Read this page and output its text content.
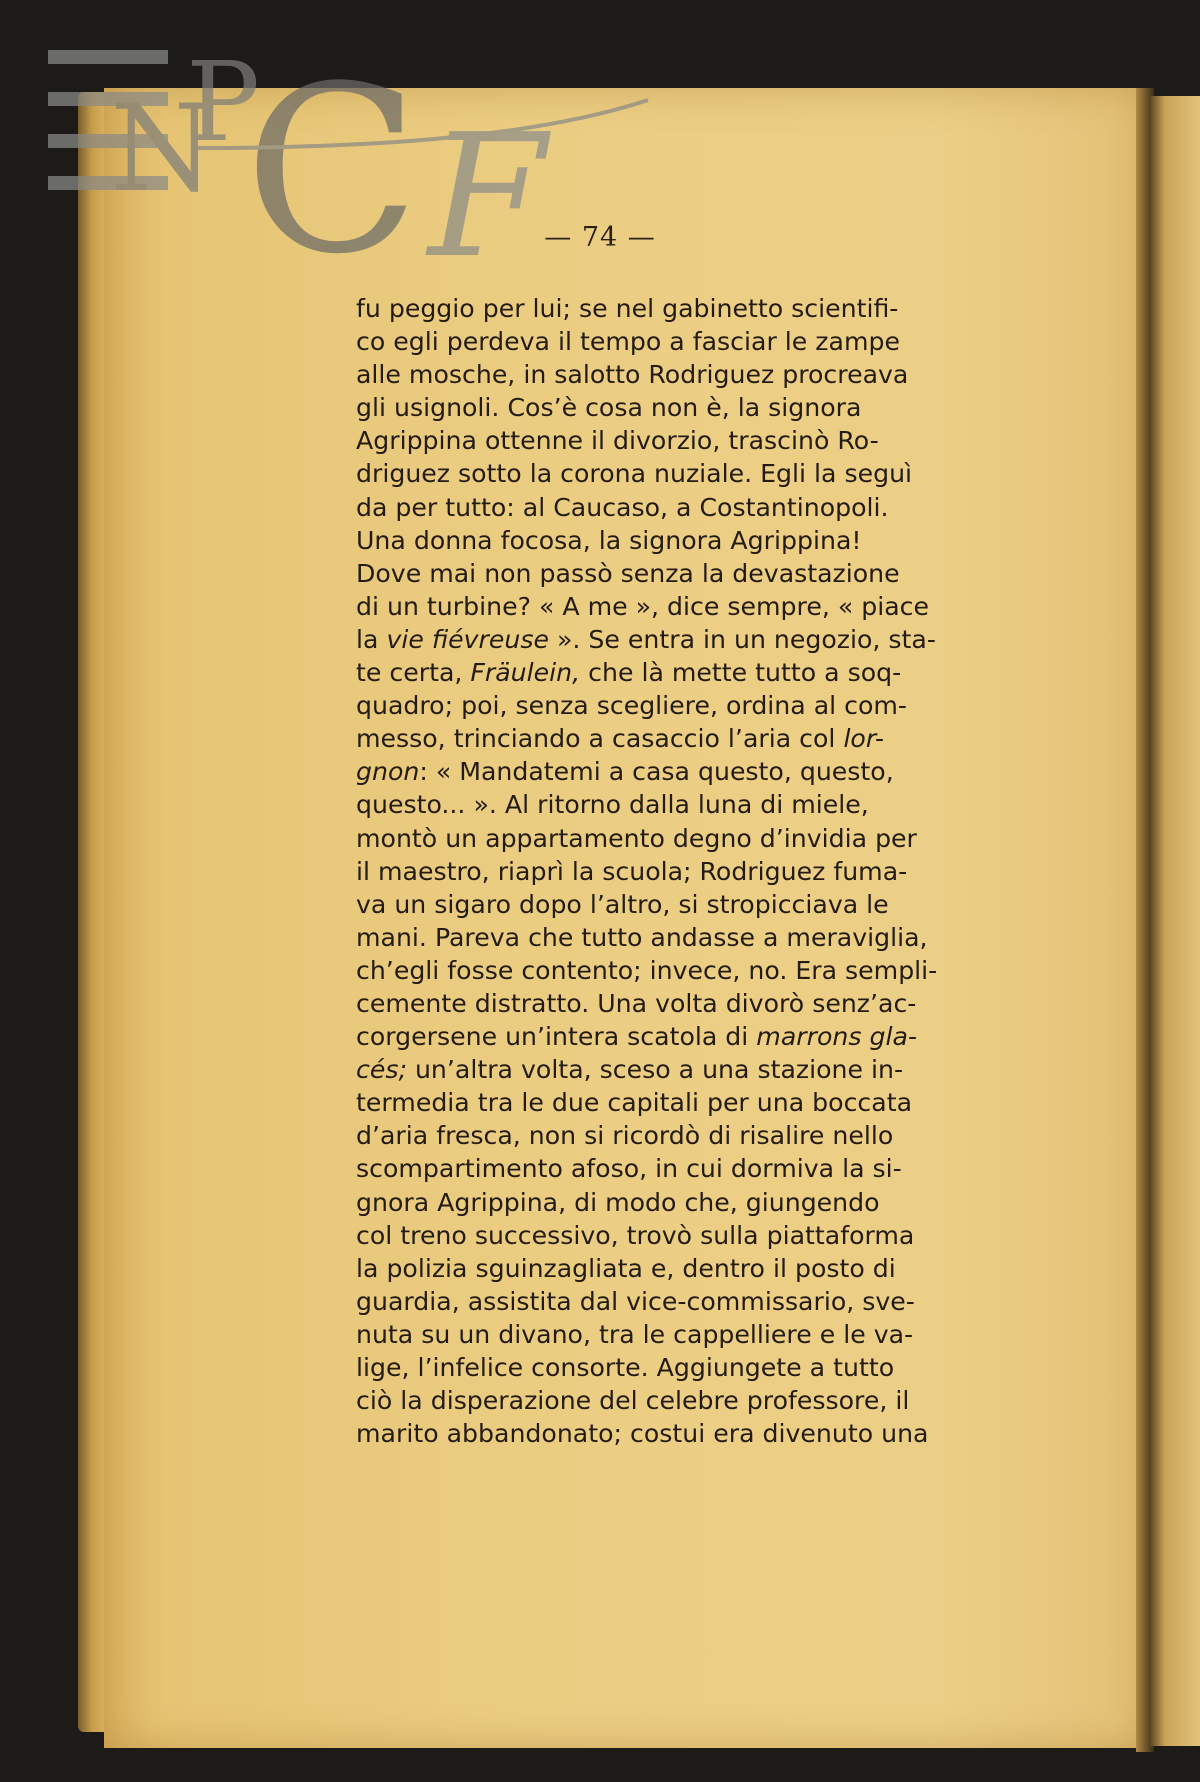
N
P
C F
— 74 —
fu peggio per lui; se nel gabinetto scientifi-
co egli perdeva il tempo a fasciar le zampe
alle mosche, in salotto Rodriguez procreava
gli usignoli. Cos’è cosa non è, la signora
Agrippina ottenne il divorzio, trascinò Ro-
driguez sotto la corona nuziale. Egli la seguì
da per tutto: al Caucaso, a Costantinopoli.
Una donna focosa, la signora Agrippina!
Dove mai non passò senza la devastazione
di un turbine? « A me », dice sempre, « piace
la vie fiévreuse ». Se entra in un negozio, sta-
te certa, Fräulein, che là mette tutto a soq-
quadro; poi, senza scegliere, ordina al com-
messo, trinciando a casaccio l’aria col lor-
gnon: « Mandatemi a casa questo, questo,
questo... ». Al ritorno dalla luna di miele,
montò un appartamento degno d’invidia per
il maestro, riaprì la scuola; Rodriguez fuma-
va un sigaro dopo l’altro, si stropicciava le
mani. Pareva che tutto andasse a meraviglia,
ch’egli fosse contento; invece, no. Era sempli-
cemente distratto. Una volta divorò senz’ac-
corgersene un’intera scatola di marrons gla-
cés; un’altra volta, sceso a una stazione in-
termedia tra le due capitali per una boccata
d’aria fresca, non si ricordò di risalire nello
scompartimento afoso, in cui dormiva la si-
gnora Agrippina, di modo che, giungendo
col treno successivo, trovò sulla piattaforma
la polizia sguinzagliata e, dentro il posto di
guardia, assistita dal vice-commissario, sve-
nuta su un divano, tra le cappelliere e le va-
lige, l’infelice consorte. Aggiungete a tutto
ciò la disperazione del celebre professore, il
marito abbandonato; costui era divenuto una
